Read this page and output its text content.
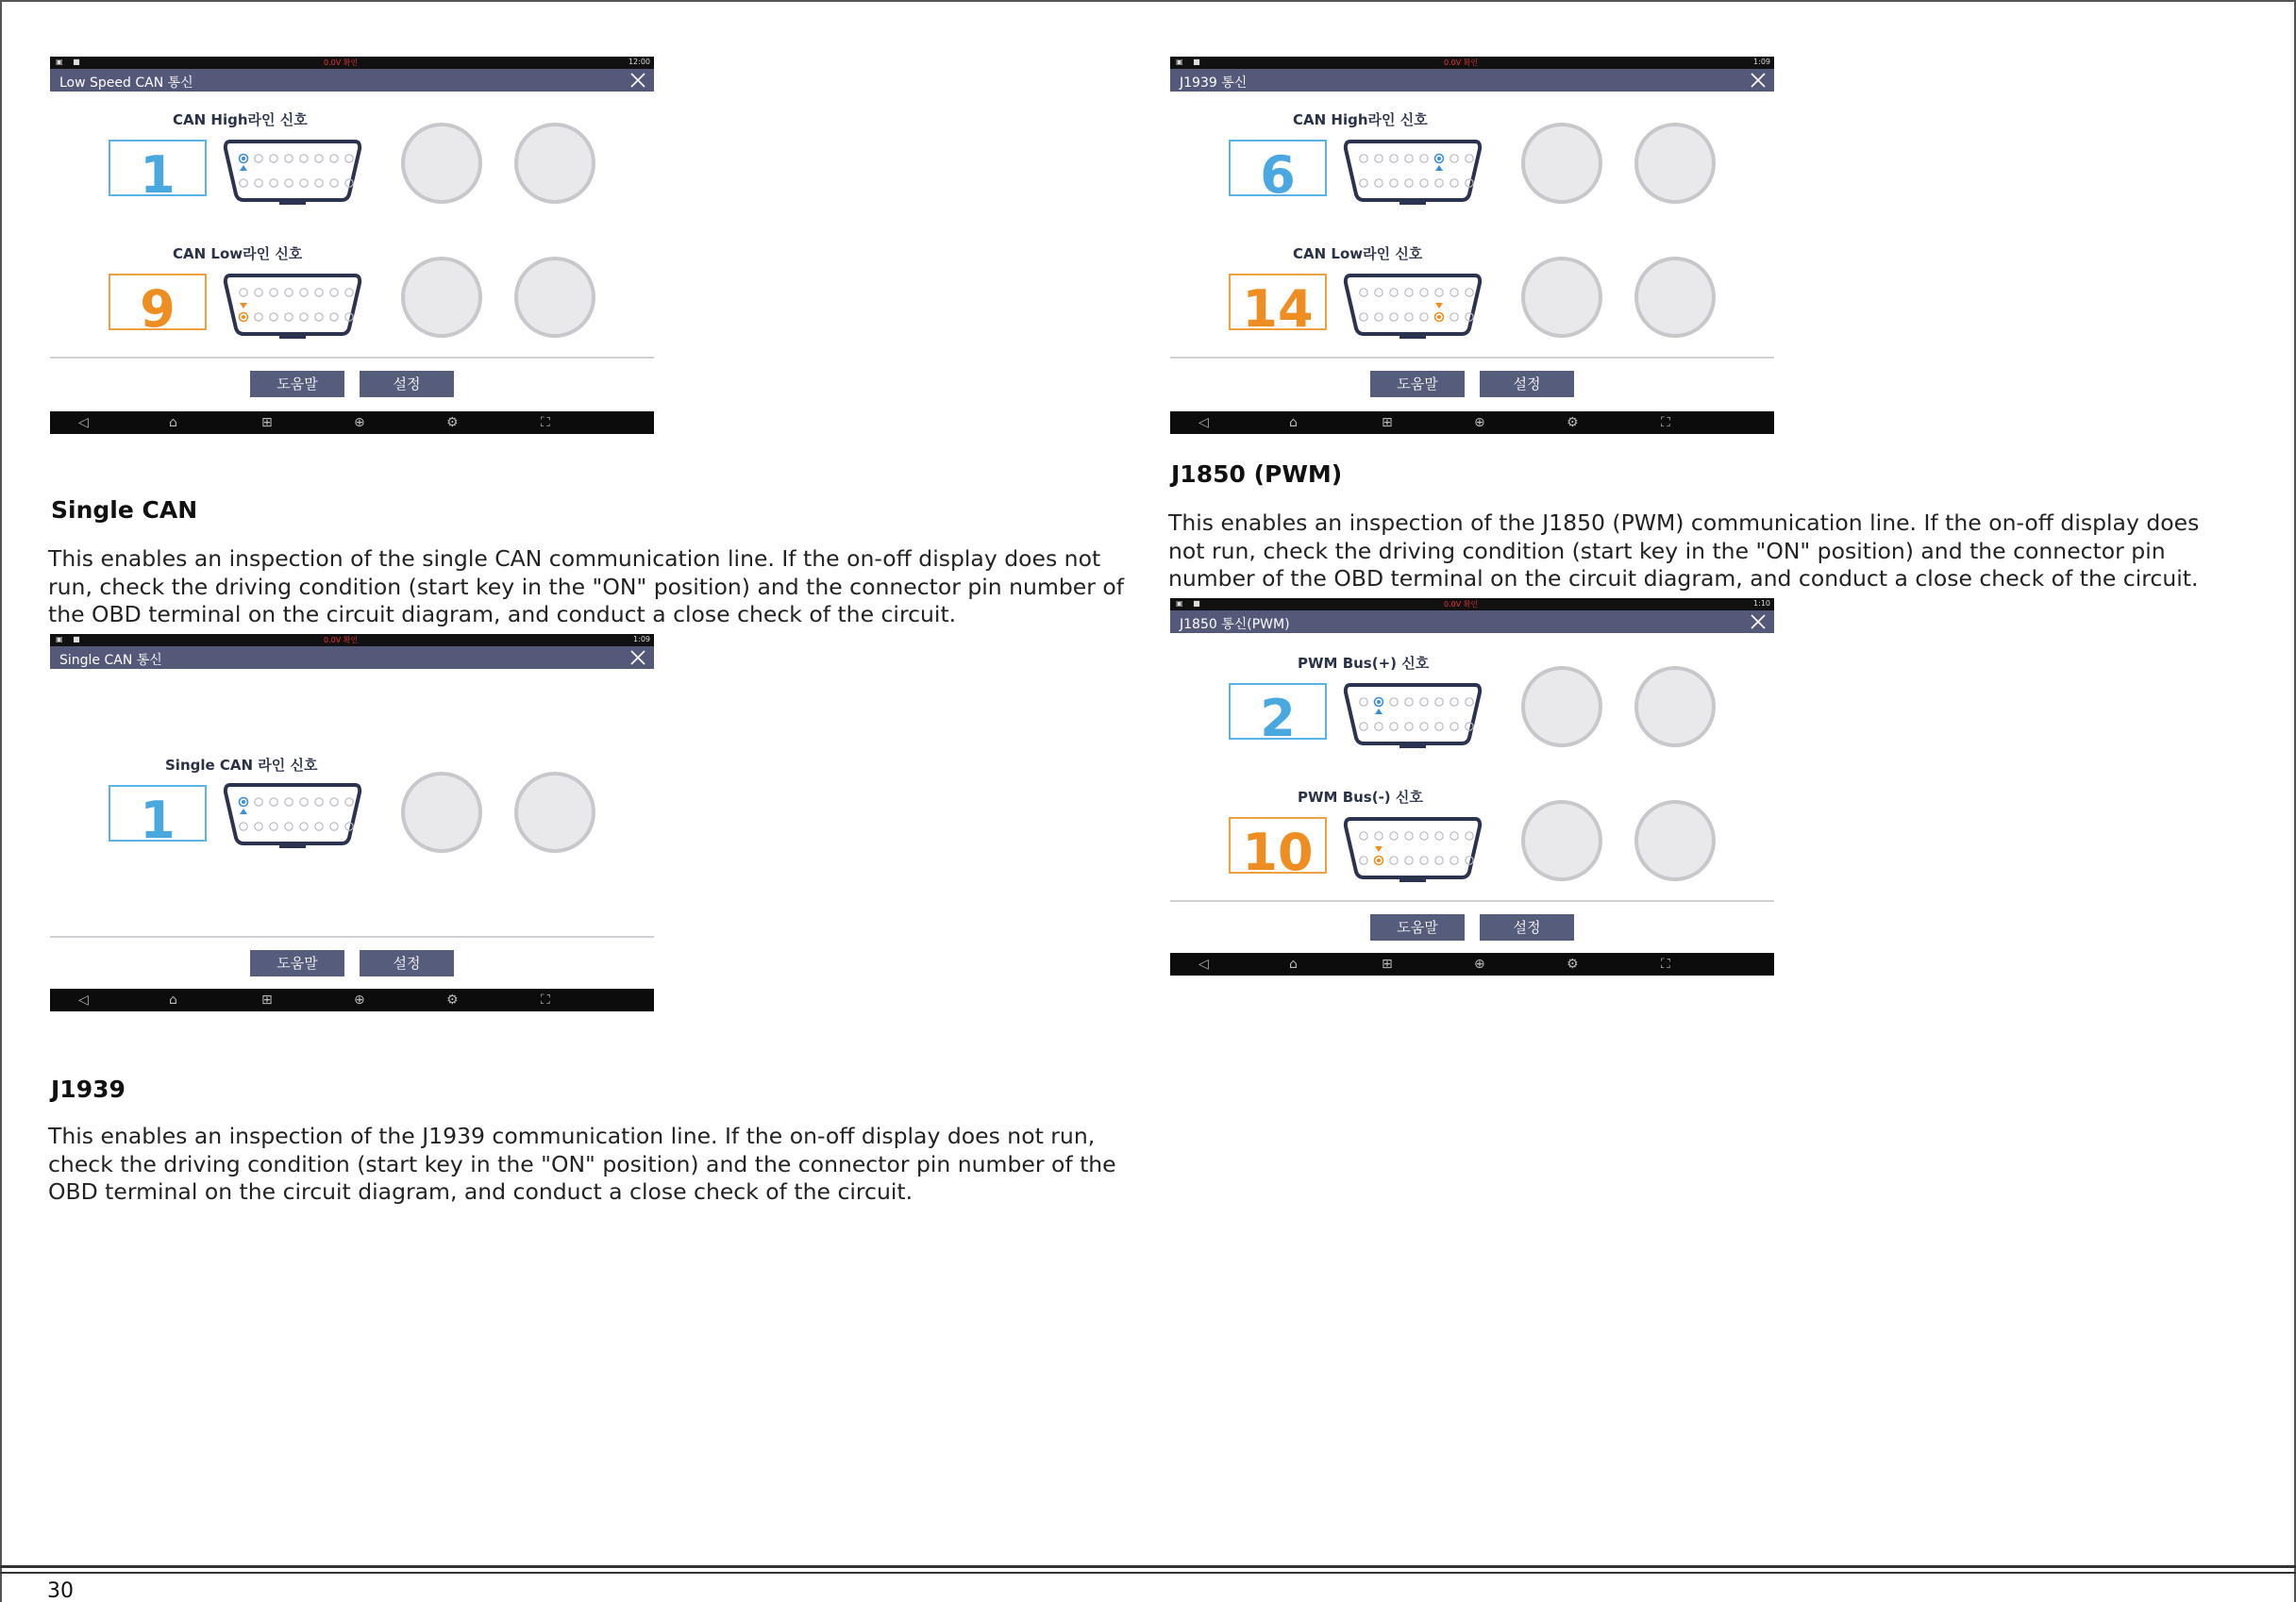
▣ ■	0.0V 확인	12:00
Low Speed CAN 통신
CAN High라인 신호
1
CAN Low라인 신호
9
도움말	설정
◁	⌂	⊞	⊕	⚙	⛶
▣ ■	0.0V 확인	1:09
J1939 통신
CAN High라인 신호
6
CAN Low라인 신호
14
도움말	설정
◁	⌂	⊞	⊕	⚙	⛶
Single CAN
This enables an inspection of the single CAN communication line. If the on-off display does not
run, check the driving condition (start key in the "ON" position) and the connector pin number of
the OBD terminal on the circuit diagram, and conduct a close check of the circuit.
▣ ■	0.0V 확인	1:09
Single CAN 통신
Single CAN 라인 신호
1
도움말	설정
◁	⌂	⊞	⊕	⚙	⛶
J1939
This enables an inspection of the J1939 communication line. If the on-off display does not run,
check the driving condition (start key in the "ON" position) and the connector pin number of the
OBD terminal on the circuit diagram, and conduct a close check of the circuit.
J1850 (PWM)
This enables an inspection of the J1850 (PWM) communication line. If the on-off display does
not run, check the driving condition (start key in the "ON" position) and the connector pin
number of the OBD terminal on the circuit diagram, and conduct a close check of the circuit.
▣ ■	0.0V 확인	1:10
J1850 통신(PWM)
PWM Bus(+) 신호
2
PWM Bus(-) 신호
10
도움말	설정
◁	⌂	⊞	⊕	⚙	⛶
30
